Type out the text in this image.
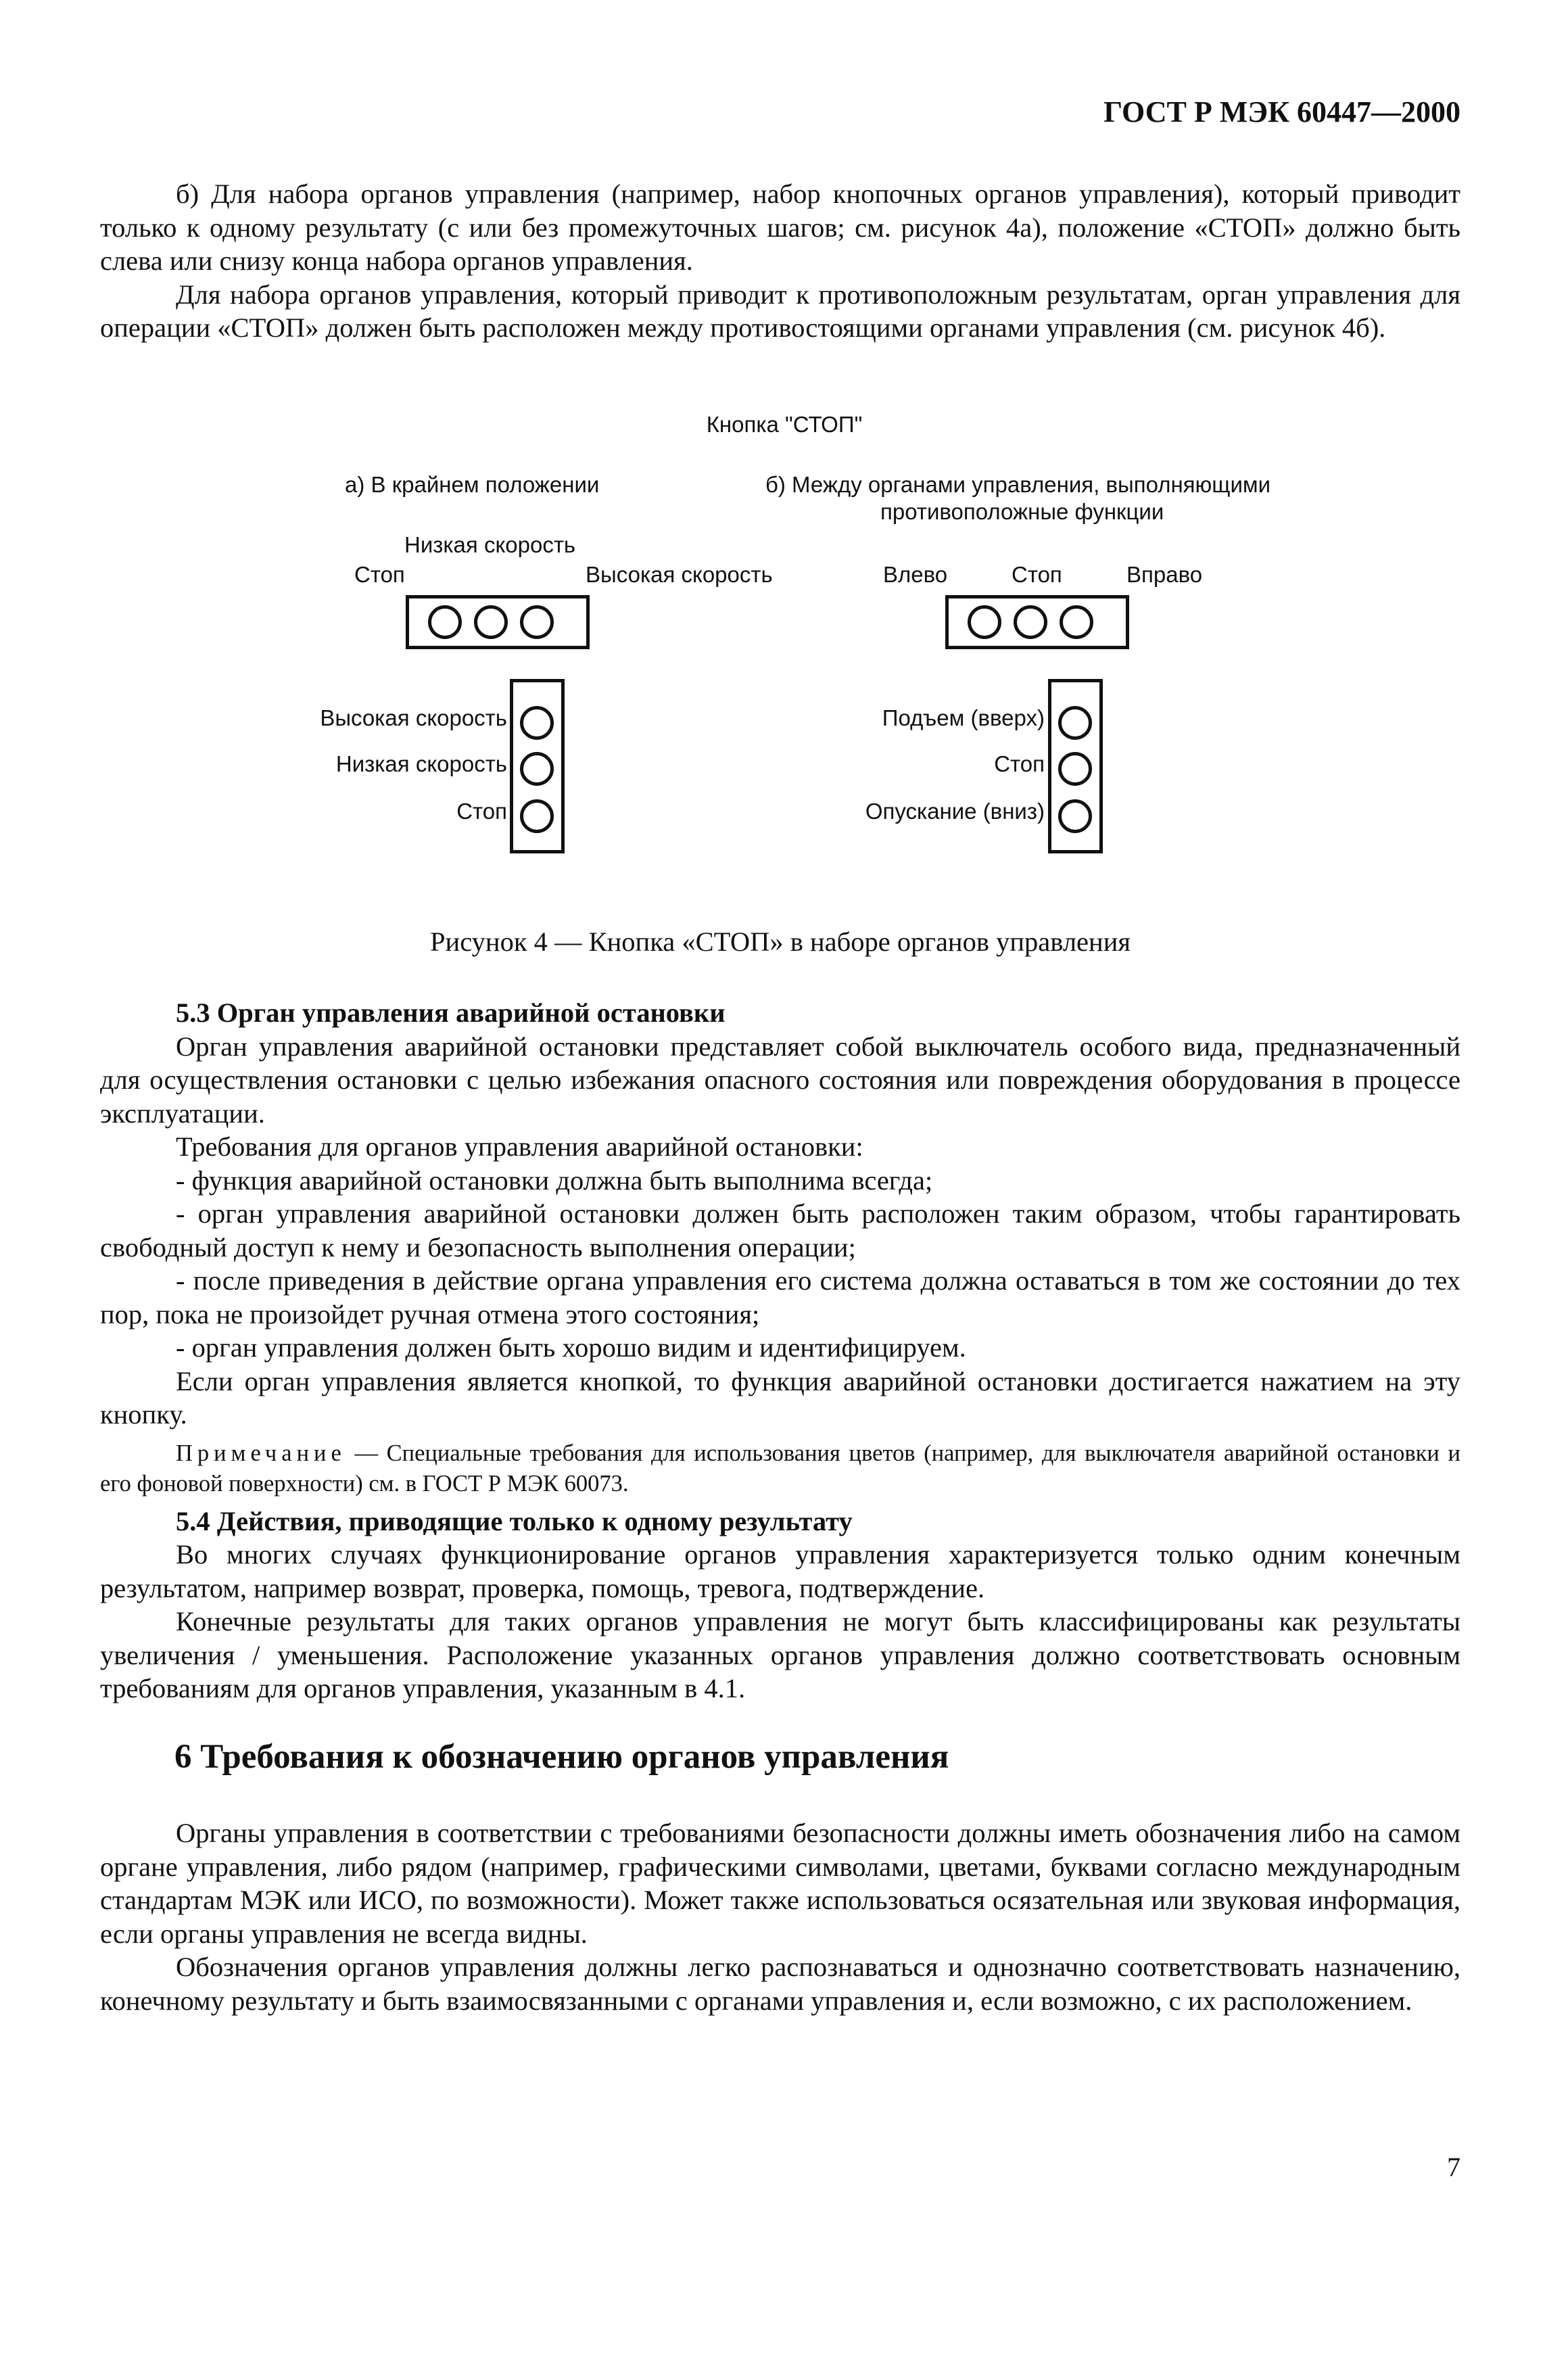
ГОСТ Р МЭК 60447—2000

б) Для набора органов управления (например, набор кнопочных органов управления), который приводит только к одному результату (с или без промежуточных шагов; см. рисунок 4а), положение «СТОП» должно быть слева или снизу конца набора органов управления.

Для набора органов управления, который приводит к противоположным результатам, орган управления для операции «СТОП» должен быть расположен между противостоящими органами управления (см. рисунок 4б).

Кнопка "СТОП"
а) В крайнем положении
Низкая скорость
Стоп	Высокая скорость
Высокая скорость
Низкая скорость
Стоп
б) Между органами управления, выполняющими
противоположные функции
Влево	Стоп	Вправо
Подъем (вверх)
Стоп
Опускание (вниз)
Рисунок 4 — Кнопка «СТОП» в наборе органов управления

5.3 Орган управления аварийной остановки

Орган управления аварийной остановки представляет собой выключатель особого вида, предназначенный для осуществления остановки с целью избежания опасного состояния или повреждения оборудования в процессе эксплуатации.

Требования для органов управления аварийной остановки:

- функция аварийной остановки должна быть выполнима всегда;

- орган управления аварийной остановки должен быть расположен таким образом, чтобы гарантировать свободный доступ к нему и безопасность выполнения операции;

- после приведения в действие органа управления его система должна оставаться в том же состоянии до тех пор, пока не произойдет ручная отмена этого состояния;

- орган управления должен быть хорошо видим и идентифицируем.

Если орган управления является кнопкой, то функция аварийной остановки достигается нажатием на эту кнопку.

Примечание — Специальные требования для использования цветов (например, для выключателя аварийной остановки и его фоновой поверхности) см. в ГОСТ Р МЭК 60073.

5.4 Действия, приводящие только к одному результату

Во многих случаях функционирование органов управления характеризуется только одним конечным результатом, например возврат, проверка, помощь, тревога, подтверждение.

Конечные результаты для таких органов управления не могут быть классифицированы как результаты увеличения / уменьшения. Расположение указанных органов управления должно соответствовать основным требованиям для органов управления, указанным в 4.1.

6 Требования к обозначению органов управления

Органы управления в соответствии с требованиями безопасности должны иметь обозначения либо на самом органе управления, либо рядом (например, графическими символами, цветами, буквами согласно международным стандартам МЭК или ИСО, по возможности). Может также использоваться осязательная или звуковая информация, если органы управления не всегда видны.

Обозначения органов управления должны легко распознаваться и однозначно соответствовать назначению, конечному результату и быть взаимосвязанными с органами управления и, если возможно, с их расположением.

7
